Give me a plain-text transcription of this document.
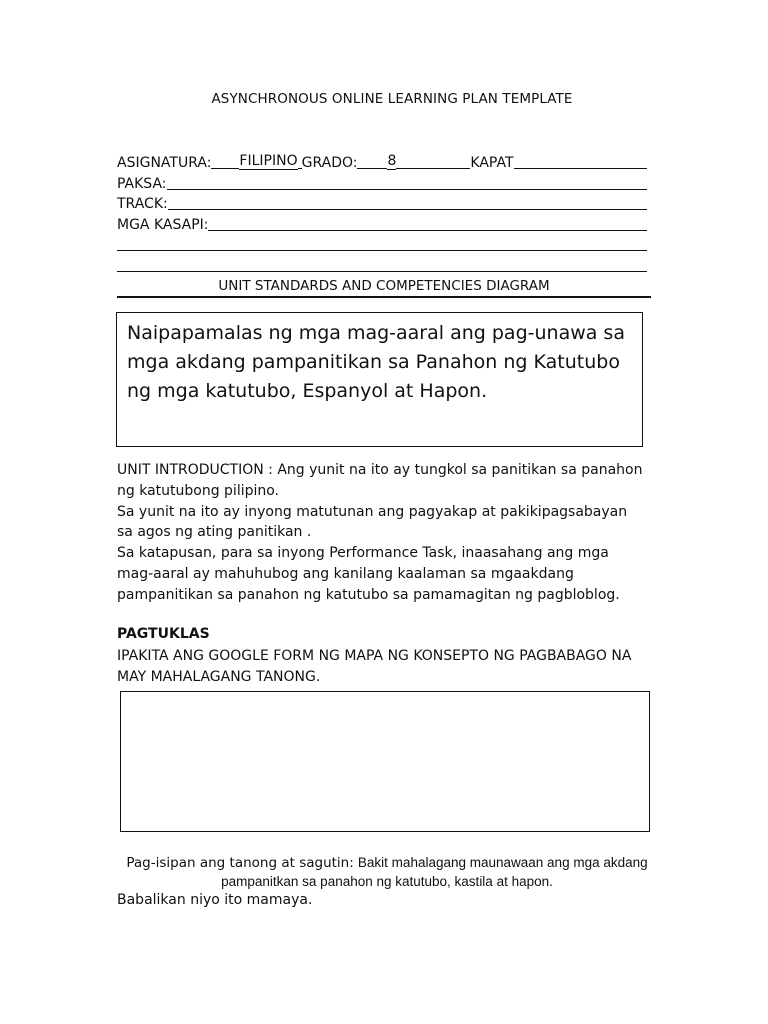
ASYNCHRONOUS ONLINE LEARNING PLAN TEMPLATE
ASIGNATURA: FILIPINO GRADO: 8	KAPAT
PAKSA:
TRACK:
MGA KASAPI:
UNIT STANDARDS AND COMPETENCIES DIAGRAM
Naipapamalas ng mga mag-aaral ang pag-unawa sa mga akdang pampanitikan sa Panahon ng Katutubo ng mga katutubo, Espanyol at Hapon.

UNIT INTRODUCTION : Ang yunit na ito ay tungkol sa panitikan sa panahon ng katutubong pilipino.

Sa yunit na ito ay inyong matutunan ang pagyakap at pakikipagsabayan sa agos ng ating panitikan .

Sa katapusan, para sa inyong Performance Task, inaasahang ang mga mag-aaral ay mahuhubog ang kanilang kaalaman sa mgaakdang pampanitikan sa panahon ng katutubo sa pamamagitan ng pagbloblog.

PAGTUKLAS
IPAKITA ANG GOOGLE FORM NG MAPA NG KONSEPTO NG PAGBABAGO NA MAY MAHALAGANG TANONG.
Pag-isipan ang tanong at sagutin: Bakit mahalagang maunawaan ang mga akdang pampanitkan sa panahon ng katutubo, kastila at hapon.
Babalikan niyo ito mamaya.
